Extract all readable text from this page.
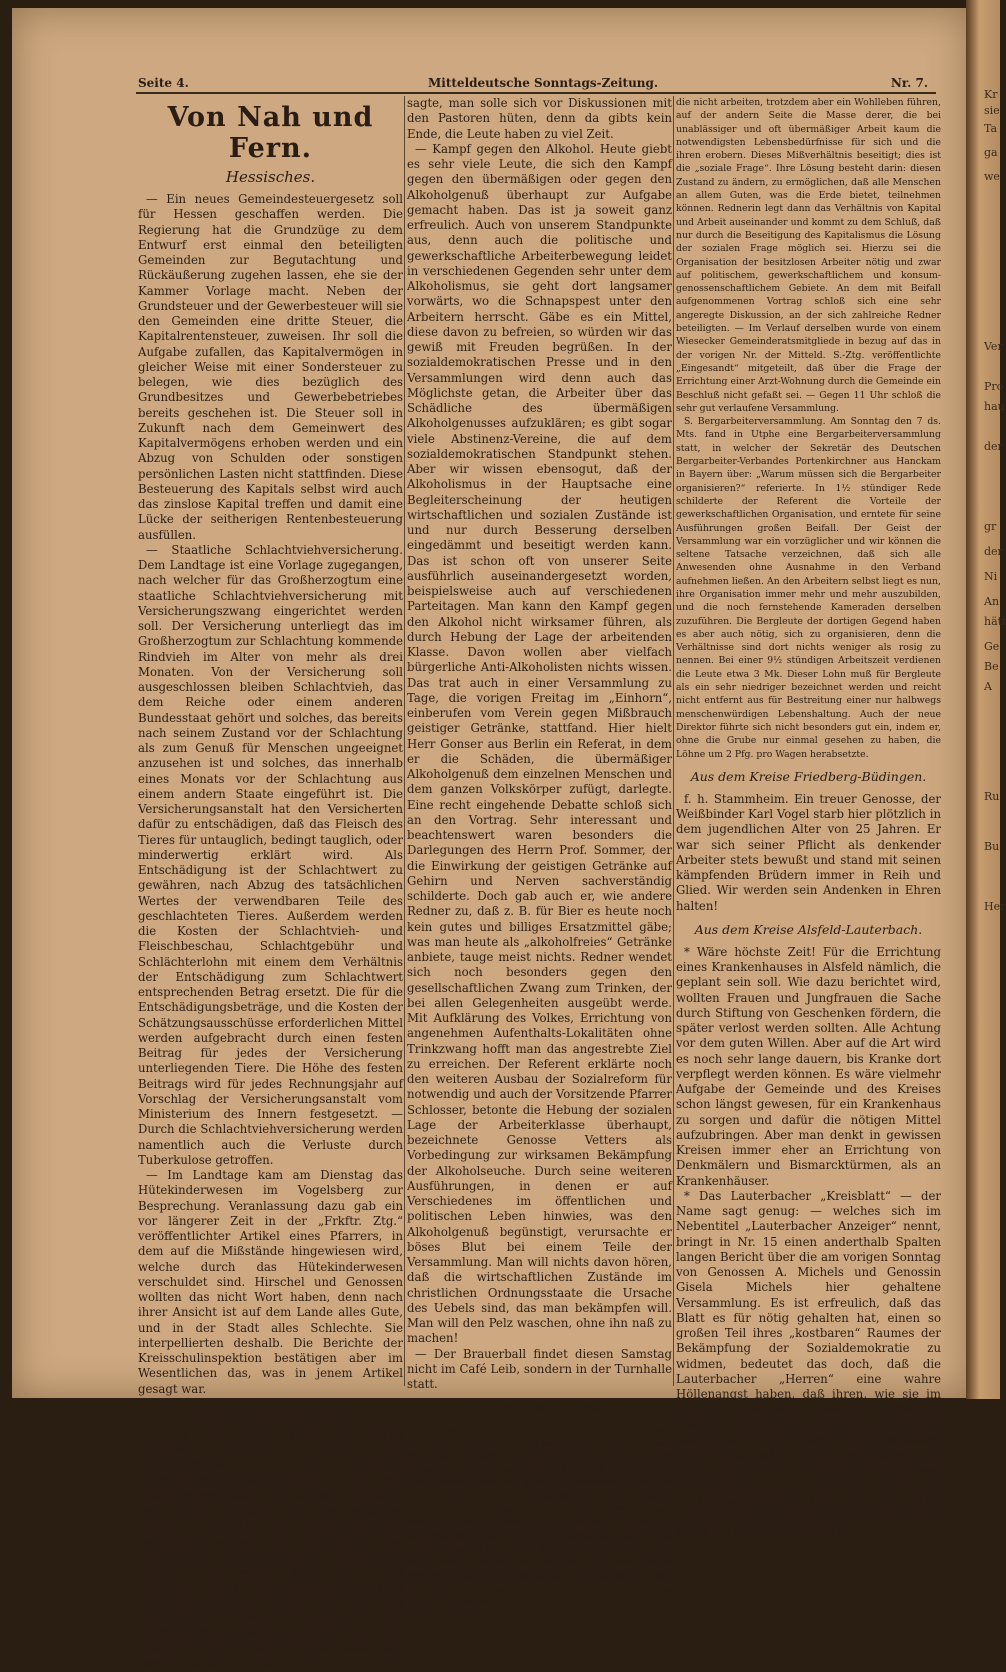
Seite 4.	Mitteldeutsche Sonntags-Zeitung.	Nr. 7.
Von Nah und Fern.
Hessisches.

— Ein neues Gemeindesteuergesetz soll für Hessen geschaffen werden. Die Regierung hat die Grundzüge zu dem Entwurf erst einmal den beteiligten Gemeinden zur Begutachtung und Rückäußerung zugehen lassen, ehe sie der Kammer Vorlage macht. Neben der Grundsteuer und der Gewerbesteuer will sie den Gemeinden eine dritte Steuer, die Kapitalrentensteuer, zuweisen. Ihr soll die Aufgabe zufallen, das Kapitalvermögen in gleicher Weise mit einer Sondersteuer zu belegen, wie dies bezüglich des Grundbesitzes und Gewerbebetriebes bereits geschehen ist. Die Steuer soll in Zukunft nach dem Gemeinwert des Kapitalvermögens erhoben werden und ein Abzug von Schulden oder sonstigen persönlichen Lasten nicht stattfinden. Diese Besteuerung des Kapitals selbst wird auch das zinslose Kapital treffen und damit eine Lücke der seitherigen Rentenbesteuerung ausfüllen.

— Staatliche Schlachtviehversicherung. Dem Landtage ist eine Vorlage zugegangen, nach welcher für das Großherzogtum eine staatliche Schlachtviehversicherung mit Versicherungszwang eingerichtet werden soll. Der Versicherung unterliegt das im Großherzogtum zur Schlachtung kommende Rindvieh im Alter von mehr als drei Monaten. Von der Versicherung soll ausgeschlossen bleiben Schlachtvieh, das dem Reiche oder einem anderen Bundesstaat gehört und solches, das bereits nach seinem Zustand vor der Schlachtung als zum Genuß für Menschen ungeeignet anzusehen ist und solches, das innerhalb eines Monats vor der Schlachtung aus einem andern Staate eingeführt ist. Die Versicherungsanstalt hat den Versicherten dafür zu entschädigen, daß das Fleisch des Tieres für untauglich, bedingt tauglich, oder minderwertig erklärt wird. Als Entschädigung ist der Schlachtwert zu gewähren, nach Abzug des tatsächlichen Wertes der verwendbaren Teile des geschlachteten Tieres. Außerdem werden die Kosten der Schlachtvieh- und Fleischbeschau, Schlachtgebühr und Schlächterlohn mit einem dem Verhältnis der Entschädigung zum Schlachtwert entsprechenden Betrag ersetzt. Die für die Entschädigungsbeträge, und die Kosten der Schätzungsausschüsse erforderlichen Mittel werden aufgebracht durch einen festen Beitrag für jedes der Versicherung unterliegenden Tiere. Die Höhe des festen Beitrags wird für jedes Rechnungsjahr auf Vorschlag der Versicherungsanstalt vom Ministerium des Innern festgesetzt. — Durch die Schlachtviehversicherung werden namentlich auch die Verluste durch Tuberkulose getroffen.

— Im Landtage kam am Dienstag das Hütekinderwesen im Vogelsberg zur Besprechung. Veranlassung dazu gab ein vor längerer Zeit in der „Frkftr. Ztg.“ veröffentlichter Artikel eines Pfarrers, in dem auf die Mißstände hingewiesen wird, welche durch das Hütekinderwesen verschuldet sind. Hirschel und Genossen wollten das nicht Wort haben, denn nach ihrer Ansicht ist auf dem Lande alles Gute, und in der Stadt alles Schlechte. Sie interpellierten deshalb. Die Berichte der Kreisschulinspektion bestätigen aber im Wesentlichen das, was in jenem Artikel gesagt war.

Gießener Angelegenheiten.

— Sie geben keine Ruh! Die Herren Pastoren nämlich, wegen des Friedhofsstreits. In der neulichen Stadtverordneten-Versammlung verlas der Oberbürgermeister ein langes Schreiben des Pastor Naumann, in dem letzterer gegen den Beschluß der Stadtverordneten protestiert, wonach den Geistlichen aller Konfessionen gestattet werde, Gräber ihrer Konfession zu weihen. Weiter wird noch behauptet, daß der Oberbürgermeister kein Altkatholik sondern Katholik sei, was doch niemanden etwas angeht. Die Stadtverordneten-Versammlung legte die Epistel zu den Akten. — Man sieht, wie recht Krumm s. Zt. hatte, als er

sagte, man solle sich vor Diskussionen mit den Pastoren hüten, denn da gibts kein Ende, die Leute haben zu viel Zeit.

— Kampf gegen den Alkohol. Heute giebt es sehr viele Leute, die sich den Kampf gegen den übermäßigen oder gegen den Alkoholgenuß überhaupt zur Aufgabe gemacht haben. Das ist ja soweit ganz erfreulich. Auch von unserem Standpunkte aus, denn auch die politische und gewerkschaftliche Arbeiterbewegung leidet in verschiedenen Gegenden sehr unter dem Alkoholismus, sie geht dort langsamer vorwärts, wo die Schnapspest unter den Arbeitern herrscht. Gäbe es ein Mittel, diese davon zu befreien, so würden wir das gewiß mit Freuden begrüßen. In der sozialdemokratischen Presse und in den Versammlungen wird denn auch das Möglichste getan, die Arbeiter über das Schädliche des übermäßigen Alkoholgenusses aufzuklären; es gibt sogar viele Abstinenz-Vereine, die auf dem sozialdemokratischen Standpunkt stehen. Aber wir wissen ebensogut, daß der Alkoholismus in der Hauptsache eine Begleiterscheinung der heutigen wirtschaftlichen und sozialen Zustände ist und nur durch Besserung derselben eingedämmt und beseitigt werden kann. Das ist schon oft von unserer Seite ausführlich auseinandergesetzt worden, beispielsweise auch auf verschiedenen Parteitagen. Man kann den Kampf gegen den Alkohol nicht wirksamer führen, als durch Hebung der Lage der arbeitenden Klasse. Davon wollen aber vielfach bürgerliche Anti-Alkoholisten nichts wissen. Das trat auch in einer Versammlung zu Tage, die vorigen Freitag im „Einhorn“, einberufen vom Verein gegen Mißbrauch geistiger Getränke, stattfand. Hier hielt Herr Gonser aus Berlin ein Referat, in dem er die Schäden, die übermäßiger Alkoholgenuß dem einzelnen Menschen und dem ganzen Volkskörper zufügt, darlegte. Eine recht eingehende Debatte schloß sich an den Vortrag. Sehr interessant und beachtenswert waren besonders die Darlegungen des Herrn Prof. Sommer, der die Einwirkung der geistigen Getränke auf Gehirn und Nerven sachverständig schilderte. Doch gab auch er, wie andere Redner zu, daß z. B. für Bier es heute noch kein gutes und billiges Ersatzmittel gäbe; was man heute als „alkoholfreies“ Getränke anbiete, tauge meist nichts. Redner wendet sich noch besonders gegen den gesellschaftlichen Zwang zum Trinken, der bei allen Gelegenheiten ausgeübt werde. Mit Aufklärung des Volkes, Errichtung von angenehmen Aufenthalts-Lokalitäten ohne Trinkzwang hofft man das angestrebte Ziel zu erreichen. Der Referent erklärte noch den weiteren Ausbau der Sozialreform für notwendig und auch der Vorsitzende Pfarrer Schlosser, betonte die Hebung der sozialen Lage der Arbeiterklasse überhaupt, bezeichnete Genosse Vetters als Vorbedingung zur wirksamen Bekämpfung der Alkoholseuche. Durch seine weiteren Ausführungen, in denen er auf Verschiedenes im öffentlichen und politischen Leben hinwies, was den Alkoholgenuß begünstigt, verursachte er böses Blut bei einem Teile der Versammlung. Man will nichts davon hören, daß die wirtschaftlichen Zustände im christlichen Ordnungsstaate die Ursache des Uebels sind, das man bekämpfen will. Man will den Pelz waschen, ohne ihn naß zu machen!

— Der Brauerball findet diesen Samstag nicht im Café Leib, sondern in der Turnhalle statt.

Aus dem Kreise Gießen.

— Wieseck. Die Versammlung am Sonntag, in der Frau Dr. Michels über „die soziale Frage“ sprach, war recht gut besucht, es mochten sich nahe an 200 Personen in dem geräumigen Saal des „Gambrinus“ eingefunden haben. Mit großer Aufmerksamkeit folgten die Zuhörer den verständlichen und klaren Ausführungen der Rednerin, die zunächst erklärte, was man unter der Bezeichnung „Soziale Frage“ überhaupt zu verstehen habe. Mancher behaupte zwar, eine solche existiere nicht. Wer sich aber im Leben nur ein klein wenig umsehe, der erkenne bald die großen Mißverhältnisse, die in bezug auf die Lebenslage in der Bevölkerung herrschen. Auf der einen Seite eine Anzahl Menschen,

die nicht arbeiten, trotzdem aber ein Wohlleben führen, auf der andern Seite die Masse derer, die bei unablässiger und oft übermäßiger Arbeit kaum die notwendigsten Lebensbedürfnisse für sich und die ihren erobern. Dieses Mißverhältnis beseitigt; dies ist die „soziale Frage“. Ihre Lösung besteht darin: diesen Zustand zu ändern, zu ermöglichen, daß alle Menschen an allem Guten, was die Erde bietet, teilnehmen können. Rednerin legt dann das Verhältnis von Kapital und Arbeit auseinander und kommt zu dem Schluß, daß nur durch die Beseitigung des Kapitalismus die Lösung der sozialen Frage möglich sei. Hierzu sei die Organisation der besitzlosen Arbeiter nötig und zwar auf politischem, gewerkschaftlichem und konsum-genossenschaftlichem Gebiete. An dem mit Beifall aufgenommenen Vortrag schloß sich eine sehr angeregte Diskussion, an der sich zahlreiche Redner beteiligten. — Im Verlauf derselben wurde von einem Wiesecker Gemeinderatsmitgliede in bezug auf das in der vorigen Nr. der Mitteld. S.-Ztg. veröffentlichte „Eingesandt“ mitgeteilt, daß über die Frage der Errichtung einer Arzt-Wohnung durch die Gemeinde ein Beschluß nicht gefaßt sei. — Gegen 11 Uhr schloß die sehr gut verlaufene Versammlung.

S. Bergarbeiterversammlung. Am Sonntag den 7 ds. Mts. fand in Utphe eine Bergarbeiterversammlung statt, in welcher der Sekretär des Deutschen Bergarbeiter-Verbandes Portenkirchner aus Hanckam in Bayern über: „Warum müssen sich die Bergarbeiter organisieren?“ referierte. In 1½ stündiger Rede schilderte der Referent die Vorteile der gewerkschaftlichen Organisation, und erntete für seine Ausführungen großen Beifall. Der Geist der Versammlung war ein vorzüglicher und wir können die seltene Tatsache verzeichnen, daß sich alle Anwesenden ohne Ausnahme in den Verband aufnehmen ließen. An den Arbeitern selbst liegt es nun, ihre Organisation immer mehr und mehr auszubilden, und die noch fernstehende Kameraden derselben zuzuführen. Die Bergleute der dortigen Gegend haben es aber auch nötig, sich zu organisieren, denn die Verhältnisse sind dort nichts weniger als rosig zu nennen. Bei einer 9½ stündigen Arbeitszeit verdienen die Leute etwa 3 Mk. Dieser Lohn muß für Bergleute als ein sehr niedriger bezeichnet werden und reicht nicht entfernt aus für Bestreitung einer nur halbwegs menschenwürdigen Lebenshaltung. Auch der neue Direktor führte sich nicht besonders gut ein, indem er, ohne die Grube nur einmal gesehen zu haben, die Löhne um 2 Pfg. pro Wagen herabsetzte.

Aus dem Kreise Friedberg-Büdingen.

f. h. Stammheim. Ein treuer Genosse, der Weißbinder Karl Vogel starb hier plötzlich in dem jugendlichen Alter von 25 Jahren. Er war sich seiner Pflicht als denkender Arbeiter stets bewußt und stand mit seinen kämpfenden Brüdern immer in Reih und Glied. Wir werden sein Andenken in Ehren halten!

Aus dem Kreise Alsfeld-Lauterbach.

* Wäre höchste Zeit! Für die Errichtung eines Krankenhauses in Alsfeld nämlich, die geplant sein soll. Wie dazu berichtet wird, wollten Frauen und Jungfrauen die Sache durch Stiftung von Geschenken fördern, die später verlost werden sollten. Alle Achtung vor dem guten Willen. Aber auf die Art wird es noch sehr lange dauern, bis Kranke dort verpflegt werden können. Es wäre vielmehr Aufgabe der Gemeinde und des Kreises schon längst gewesen, für ein Krankenhaus zu sorgen und dafür die nötigen Mittel aufzubringen. Aber man denkt in gewissen Kreisen immer eher an Errichtung von Denkmälern und Bismarcktürmen, als an Krankenhäuser.

* Das Lauterbacher „Kreisblatt“ — der Name sagt genug: — welches sich im Nebentitel „Lauterbacher Anzeiger“ nennt, bringt in Nr. 15 einen anderthalb Spalten langen Bericht über die am vorigen Sonntag von Genossen A. Michels und Genossin Gisela Michels hier gehaltene Versammlung. Es ist erfreulich, daß das Blatt es für nötig gehalten hat, einen so großen Teil ihres „kostbaren“ Raumes der Bekämpfung der Sozialdemokratie zu widmen, bedeutet das doch, daß die Lauterbacher „Herren“ eine wahre Höllenangst haben, daß ihren, wie sie im Bericht schmeicheln, „fleißigen“ Arbeitern etwa die Augen aufgehen möchten über das wenige, was sie für ihren „Fleiß“ erhalten. Nun, nichts wäre ihnen gefährlicher, als das. Auch die im Bericht enthaltenen Verdrehungen und — gelinde ausgedrückt — Unerzogenheiten lohnt es sich nicht, einzugehen. Was macht es dem Monde aus, wenn ihn der Hund anbellt?

Kr
sie
Ta
ga
we
Ver
Pro
hau
der
gr
der
Ni
An
hätt
Ge
Be
A
Ru
Bu
Her
